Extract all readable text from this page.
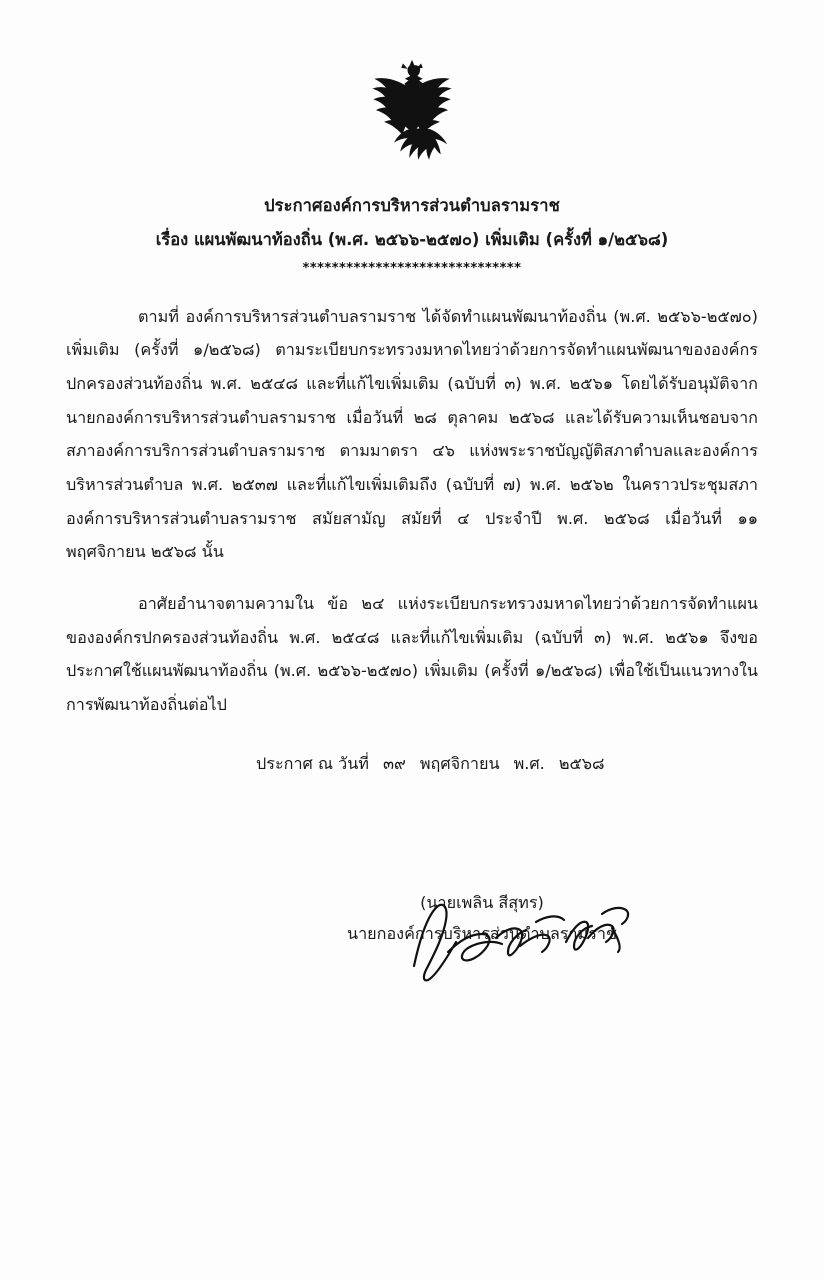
ประกาศองค์การบริหารส่วนตำบลรามราช
เรื่อง แผนพัฒนาท้องถิ่น (พ.ศ. ๒๕๖๖-๒๕๗๐) เพิ่มเติม (ครั้งที่ ๑/๒๕๖๘)
******************************

ตามที่ องค์การบริหารส่วนตำบลรามราช ได้จัดทำแผนพัฒนาท้องถิ่น (พ.ศ. ๒๕๖๖-๒๕๗๐) เพิ่มเติม (ครั้งที่ ๑/๒๕๖๘) ตามระเบียบกระทรวงมหาดไทยว่าด้วยการจัดทำแผนพัฒนาขององค์กรปกครองส่วนท้องถิ่น พ.ศ. ๒๕๔๘ และที่แก้ไขเพิ่มเติม (ฉบับที่ ๓) พ.ศ. ๒๕๖๑ โดยได้รับอนุมัติจากนายกองค์การบริหารส่วนตำบลรามราช เมื่อวันที่ ๒๘ ตุลาคม ๒๕๖๘ และได้รับความเห็นชอบจากสภาองค์การบริการส่วนตำบลรามราช ตามมาตรา ๔๖ แห่งพระราชบัญญัติสภาตำบลและองค์การบริหารส่วนตำบล พ.ศ. ๒๕๓๗ และที่แก้ไขเพิ่มเติมถึง (ฉบับที่ ๗) พ.ศ. ๒๕๖๒ ในคราวประชุมสภาองค์การบริหารส่วนตำบลรามราช สมัยสามัญ สมัยที่ ๔ ประจำปี พ.ศ. ๒๕๖๘ เมื่อวันที่ ๑๑ พฤศจิกายน ๒๕๖๘ นั้น

อาศัยอำนาจตามความใน ข้อ ๒๔ แห่งระเบียบกระทรวงมหาดไทยว่าด้วยการจัดทำแผนขององค์กรปกครองส่วนท้องถิ่น พ.ศ. ๒๕๔๘ และที่แก้ไขเพิ่มเติม (ฉบับที่ ๓) พ.ศ. ๒๕๖๑ จึงขอประกาศใช้แผนพัฒนาท้องถิ่น (พ.ศ. ๒๕๖๖-๒๕๗๐) เพิ่มเติม (ครั้งที่ ๑/๒๕๖๘) เพื่อใช้เป็นแนวทางในการพัฒนาท้องถิ่นต่อไป

ประกาศ ณ วันที่ ๓๙ พฤศจิกายน พ.ศ. ๒๕๖๘
(นายเพลิน สีสุทร)
นายกองค์การบริหารส่วนตำบลรามราช
